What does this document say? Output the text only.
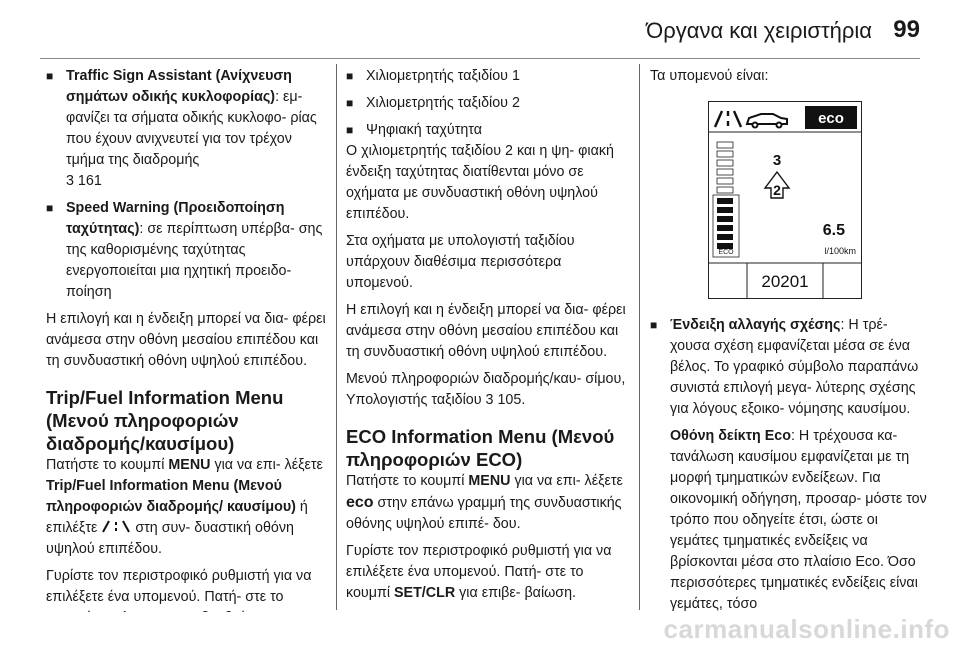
Όργανα και χειριστήρια 99

■ Traffic Sign Assistant (Ανίχνευση σημάτων οδικής κυκλοφορίας): εμ- φανίζει τα σήματα οδικής κυκλοφο- ρίας που έχουν ανιχνευτεί για τον τρέχον τμήμα της διαδρομής

3 161

■ Speed Warning (Προειδοποίηση ταχύτητας): σε περίπτωση υπέρβα- σης της καθορισμένης ταχύτητας ενεργοποιείται μια ηχητική προειδο- ποίηση

Η επιλογή και η ένδειξη μπορεί να δια- φέρει ανάμεσα στην οθόνη μεσαίου επιπέδου και τη συνδυαστική οθόνη υψηλού επιπέδου.

Trip/Fuel Information Menu (Μενού πληροφοριών διαδρομής/καυσίμου)

Πατήστε το κουμπί MENU για να επι- λέξετε Trip/Fuel Information Menu (Μενού πληροφοριών διαδρομής/ καυσίμου) ή επιλέξτε  στη συν- δυαστική οθόνη υψηλού επιπέδου.

Γυρίστε τον περιστροφικό ρυθμιστή για να επιλέξετε ένα υπομενού. Πατή- στε το

■ Χιλιομετρητής ταξιδίου 1

■ Χιλιομετρητής ταξιδίου 2

■ Ψηφιακή ταχύτητα

Ο χιλιομετρητής ταξιδίου 2 και η ψη- φιακή ένδειξη ταχύτητας διατίθενται μόνο σε οχήματα με συνδυαστική οθόνη υψηλού επιπέδου.

Στα οχήματα με υπολογιστή ταξιδίου υπάρχουν διαθέσιμα περισσότερα υπομενού.

Η επιλογή και η ένδειξη μπορεί να δια- φέρει ανάμεσα στην οθόνη μεσαίου επιπέδου και τη συνδυαστική οθόνη υψηλού επιπέδου.

Μενού πληροφοριών διαδρομής/καυ- σίμου, Υπολογιστής ταξιδίου 3 105.

ECO Information Menu (Μενού πληροφοριών ECO)

Πατήστε το κουμπί MENU για να επι- λέξετε eco στην επάνω γραμμή της συνδυαστικής οθόνης υψηλού επιπέ- δου.

Γυρίστε τον περιστροφικό ρυθμιστή για να επιλέξετε ένα υπομενού. Πατή- στε το κουμπί SET/CLR για επιβε- βαίωση.

Τα υπομενού είναι:

eco
ECO
3
2
6.5
l/100km
20201

■ Ένδειξη αλλαγής σχέσης: Η τρέ- χουσα σχέση εμφανίζεται μέσα σε ένα βέλος. Το γραφικό σύμβολο παραπάνω συνιστά επιλογή μεγα- λύτερης σχέσης για λόγους εξοικο- νόμησης καυσίμου.

Οθόνη δείκτη Eco: Η τρέχουσα κα- τανάλωση καυσίμου εμφανίζεται με τη μορφή τμηματικών ενδείξεων. Για οικονομική οδήγηση, προσαρ- μόστε τον τρόπο που οδηγείτε έτσι, ώστε οι γεμάτες τμηματικές ενδείξεις να βρίσκονται μέσα στο πλαίσιο Eco. Όσο περισσότερες τμηματικές ενδείξεις είναι γεμάτες, τόσο

carmanualsonline.info
